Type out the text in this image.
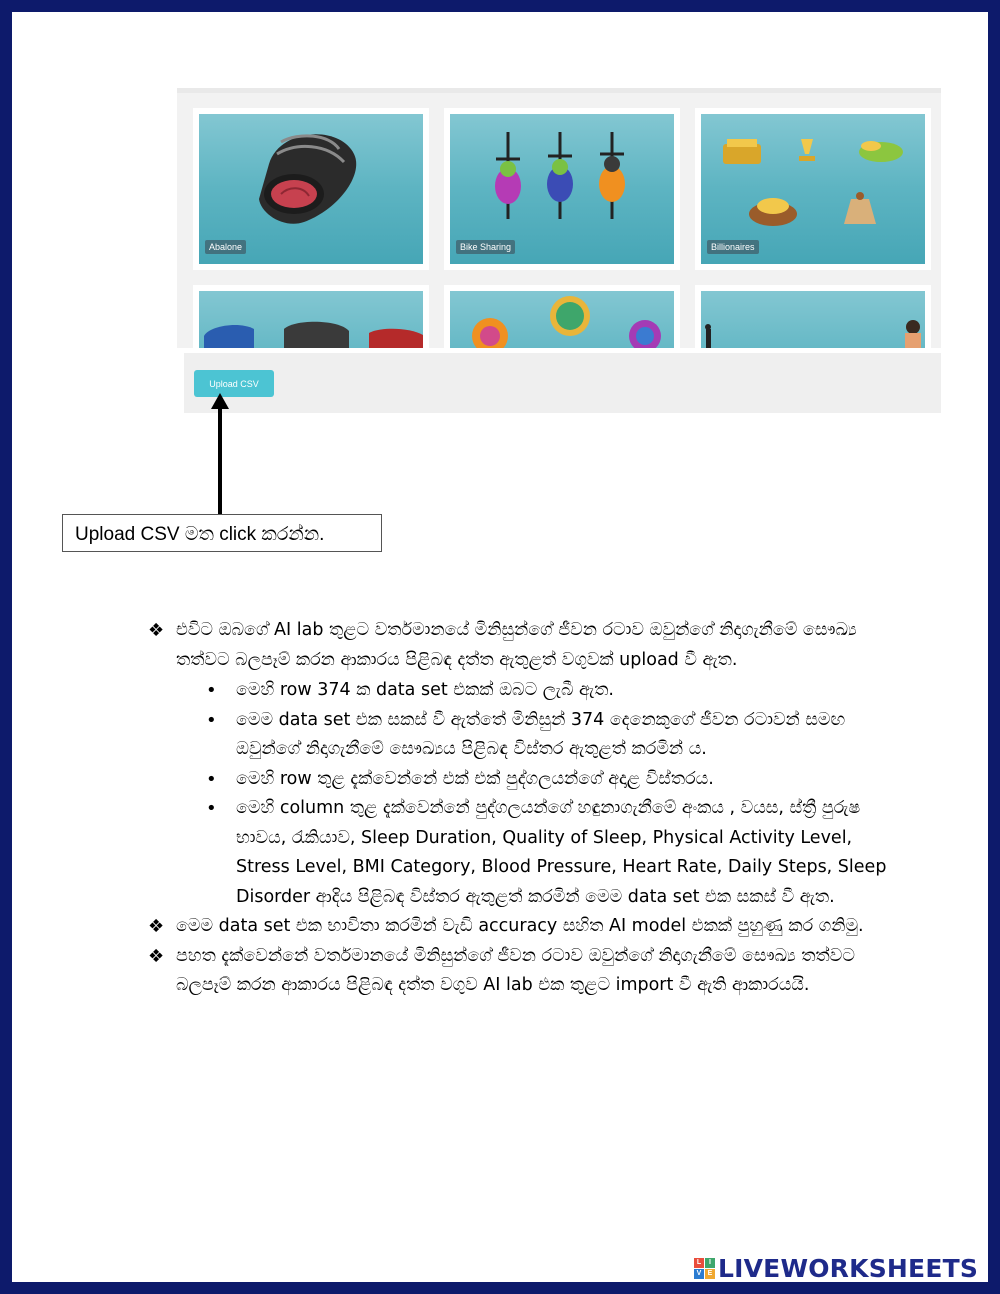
Abalone	Bike Sharing	Billionaires
Upload CSV
Upload CSV මත click කරන්න.
❖ එවිට ඔබගේ AI lab තුළට වර්තමානයේ මිනිසුන්ගේ ජීවන රටාව ඔවුන්ගේ නිදාගැනීමේ සෞඛ්‍ය තත්වට බලපෑම් කරන ආකාරය පිළිබඳ දත්ත ඇතුළත් වගුවක් upload වී ඇත.
• මෙහි row 374 ක data set එකක් ඔබට ලැබී ඇත.
• මෙම data set එක සකස් වී ඇත්තේ මිනිසුන් 374 දෙනෙකුගේ ජීවන රටාවන් සමඟ ඔවුන්ගේ නිදාගැනීමේ සෞඛ්‍යය පිළිබඳ විස්තර ඇතුළත් කරමින් ය.
• මෙහි row තුළ දැක්වෙන්නේ එක් එක් පුද්ගලයන්ගේ අදාළ විස්තරය.
• මෙහි column තුළ දැක්වෙන්නේ පුද්ගලයන්ගේ හඳුනාගැනීමේ අංකය , වයස, ස්ත්‍රී පුරුෂ භාවය, රැකියාව, Sleep Duration, Quality of Sleep, Physical Activity Level, Stress Level, BMI Category, Blood Pressure, Heart Rate, Daily Steps, Sleep Disorder ආදිය පිළිබඳ විස්තර ඇතුළත් කරමින් මෙම data set එක සකස් වී ඇත.
❖ මෙම data set එක භාවිතා කරමින් වැඩි accuracy සහිත AI model එකක් පුහුණු කර ගනිමු.
❖ පහත දැක්වෙන්නේ වර්තමානයේ මිනිසුන්ගේ ජීවන රටාව ඔවුන්ගේ නිදාගැනීමේ සෞඛ්‍ය තත්වට බලපෑම් කරන ආකාරය පිළිබඳ දත්ත වගුව AI lab එක තුළට import වී ඇති ආකාරයයි.
L	I
V E LIVEWORKSHEETS
